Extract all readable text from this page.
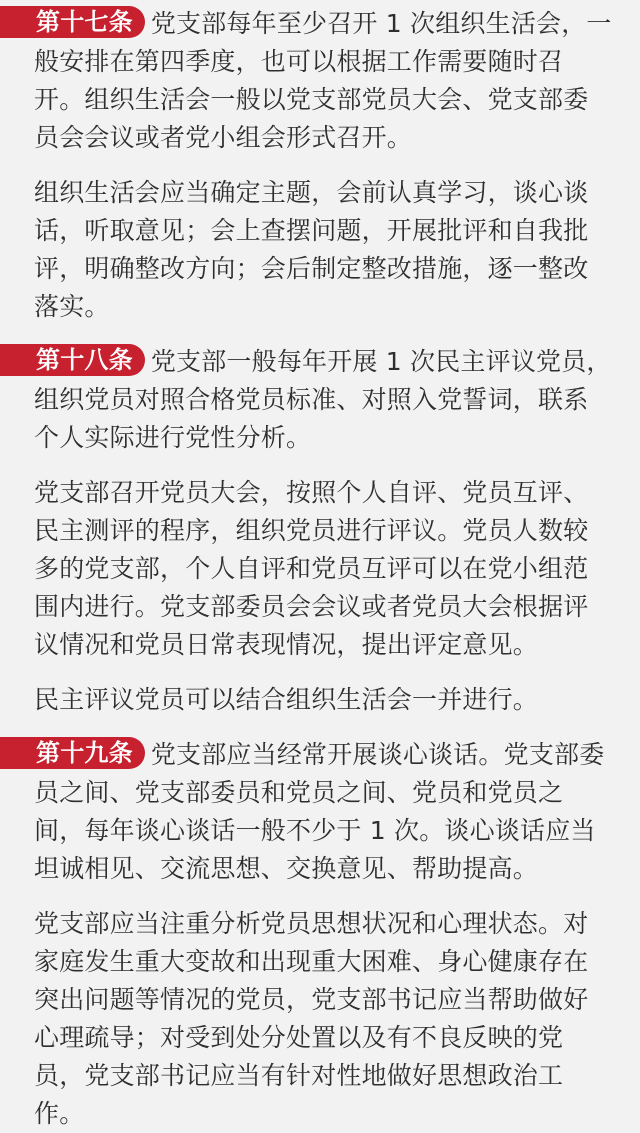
第十七条 党支部每年至少召开 1 次组织生活会，一般安排在第四季度，也可以根据工作需要随时召开。组织生活会一般以党支部党员大会、党支部委员会会议或者党小组会形式召开。

组织生活会应当确定主题，会前认真学习，谈心谈话，听取意见；会上查摆问题，开展批评和自我批评，明确整改方向；会后制定整改措施，逐一整改落实。

第十八条 党支部一般每年开展 1 次民主评议党员，组织党员对照合格党员标准、对照入党誓词，联系个人实际进行党性分析。

党支部召开党员大会，按照个人自评、党员互评、民主测评的程序，组织党员进行评议。党员人数较多的党支部，个人自评和党员互评可以在党小组范围内进行。党支部委员会会议或者党员大会根据评议情况和党员日常表现情况，提出评定意见。

民主评议党员可以结合组织生活会一并进行。

第十九条 党支部应当经常开展谈心谈话。党支部委员之间、党支部委员和党员之间、党员和党员之间，每年谈心谈话一般不少于 1 次。谈心谈话应当坦诚相见、交流思想、交换意见、帮助提高。

党支部应当注重分析党员思想状况和心理状态。对家庭发生重大变故和出现重大困难、身心健康存在突出问题等情况的党员，党支部书记应当帮助做好心理疏导；对受到处分处置以及有不良反映的党员，党支部书记应当有针对性地做好思想政治工作。
